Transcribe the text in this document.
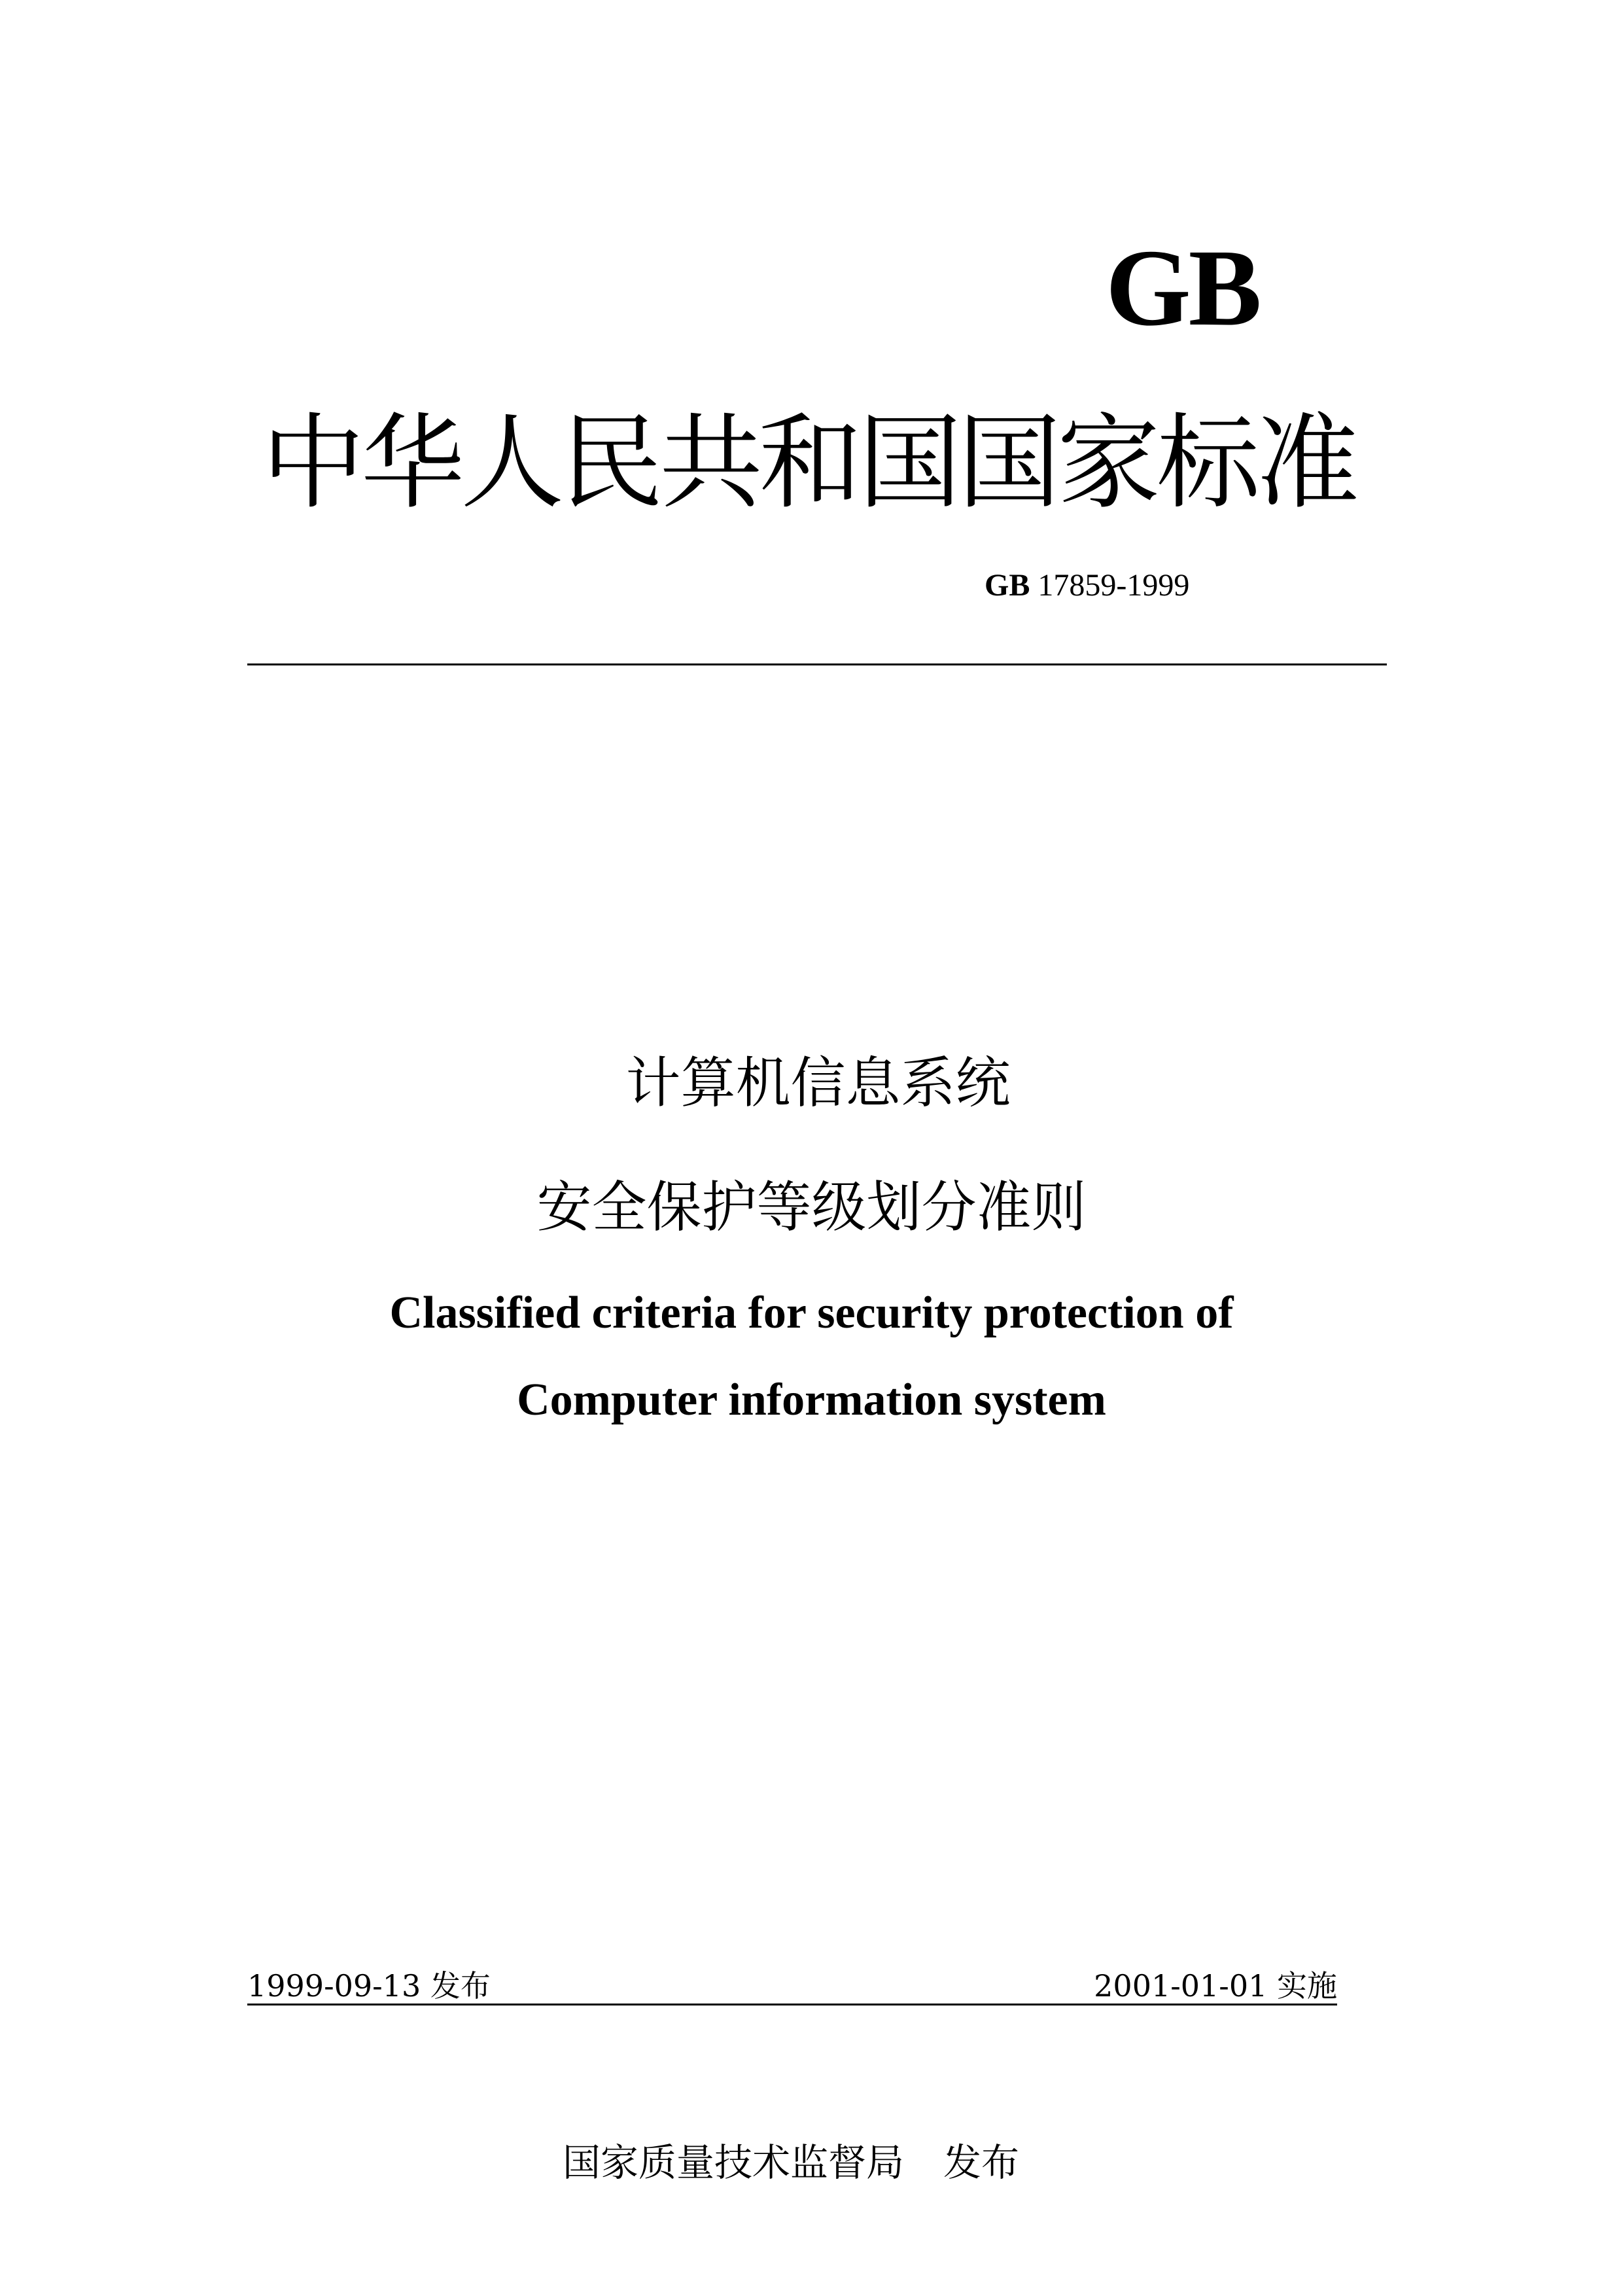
GB
中华人民共和国国家标准
GB 17859-1999
计算机信息系统
安全保护等级划分准则
Classified criteria for security protection of
Computer information system
1999-09-13 发布	2001-01-01 实施
国家质量技术监督局 发布
